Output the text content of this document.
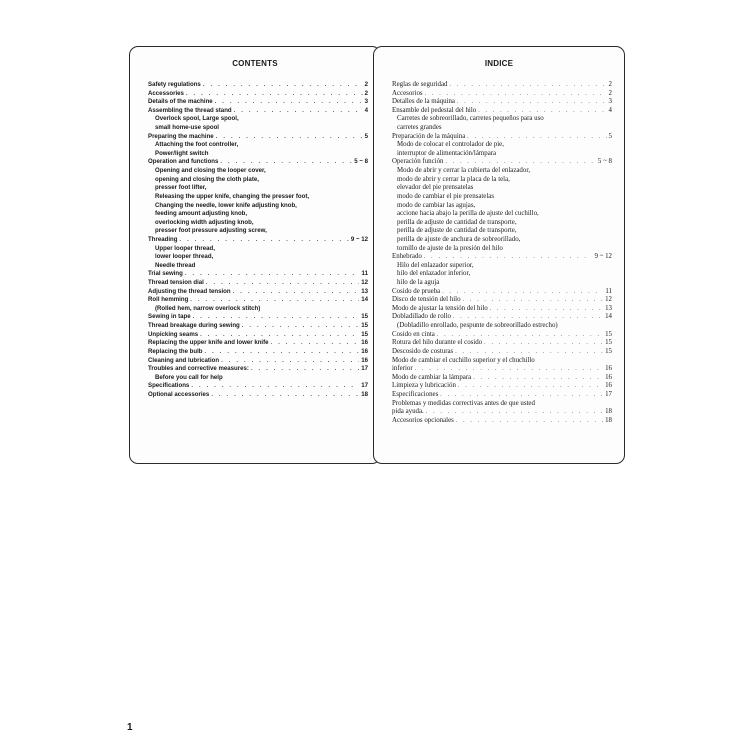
CONTENTS
Safety regulations . . .	2
Accessories . . .	2
Details of the machine . . .	3
Assembling the thread stand . . .	4
Overlock spool, Large spool,
small home-use spool
Preparing the machine . . .	5
Attaching the foot controller,
Power/light switch
Operation and functions . . .	5 ~ 8
Opening and closing the looper cover,
opening and closing the cloth plate,
presser foot lifter,
Releasing the upper knife, changing the presser foot,
Changing the needle, lower knife adjusting knob,
feeding amount adjusting knob,
overlocking width adjusting knob,
presser foot pressure adjusting screw,
Threading . . .	9 ~ 12
Upper looper thread,
lower looper thread,
Needle thread
Trial sewing . . .	11
Thread tension dial . . .	12
Adjusting the thread tension . . .	13
Roll hemming . . .	14
(Rolled hem, narrow overlock stitch)
Sewing in tape . . .	15
Thread breakage during sewing . . .	15
Unpicking seams . . .	15
Replacing the upper knife and lower knife . . .	16
Replacing the bulb . . .	16
Cleaning and lubrication . . .	16
Troubles and corrective measures: . . .	17
Before you call for help
Specifications . . .	17
Optional accessories . . .	18
INDICE
Reglas de seguridad . . .	2
Accesorios . . .	2
Detalles de la máquina . . .	3
Ensamble del pedestal del hilo . . .	4
Carretes de sobreorillado, carretes pequeños para uso
carretes grandes
Preparación de la máquina . . .	5
Modo de colocar el controlador de pie,
interruptor de alimentación/lámpara
Operación función . . .	5 ~ 8
Modo de abrir y cerrar la cubierta del enlazador,
modo de abrir y cerrar la placa de la tela,
elevador del pie prensatelas
modo de cambiar el pie prensatelas
modo de cambiar las agujas,
accione hacia abajo la perilla de ajuste del cuchillo,
perilla de adjuste de cantidad de transporte,
perilla de adjuste de cantidad de transporte,
perilla de ajuste de anchura de sobreorillado,
tornillo de ajuste de la presión del hilo
Enhebrado . . .	9 ~ 12
Hilo del enlazador superior,
hilo del enlazador inferior,
hilo de la aguja
Cosido de prueba . . .	11
Disco de tensión del hilo . . .	12
Modo de ajustar la tensión del hilo . . .	13
Dobladillado de rollo . . .	14
(Dobladillo enrollado, pespunte de sobreorillado estrecho)
Cosido en cinta . . .	15
Rotura del hilo durante el cosido . . .	15
Descosido de costuras . . .	15
Modo de cambiar el cuchillo superior y el chuchillo
inferior . . .	16
Modo de cambiar la lámpara . . .	16
Limpieza y lubricación . . .	16
Especificaciones . . .	17
Problemas y medidas correctivas antes de que usted
pida ayuda. . . .	18
Accesorios opcionales . . .	18
1
